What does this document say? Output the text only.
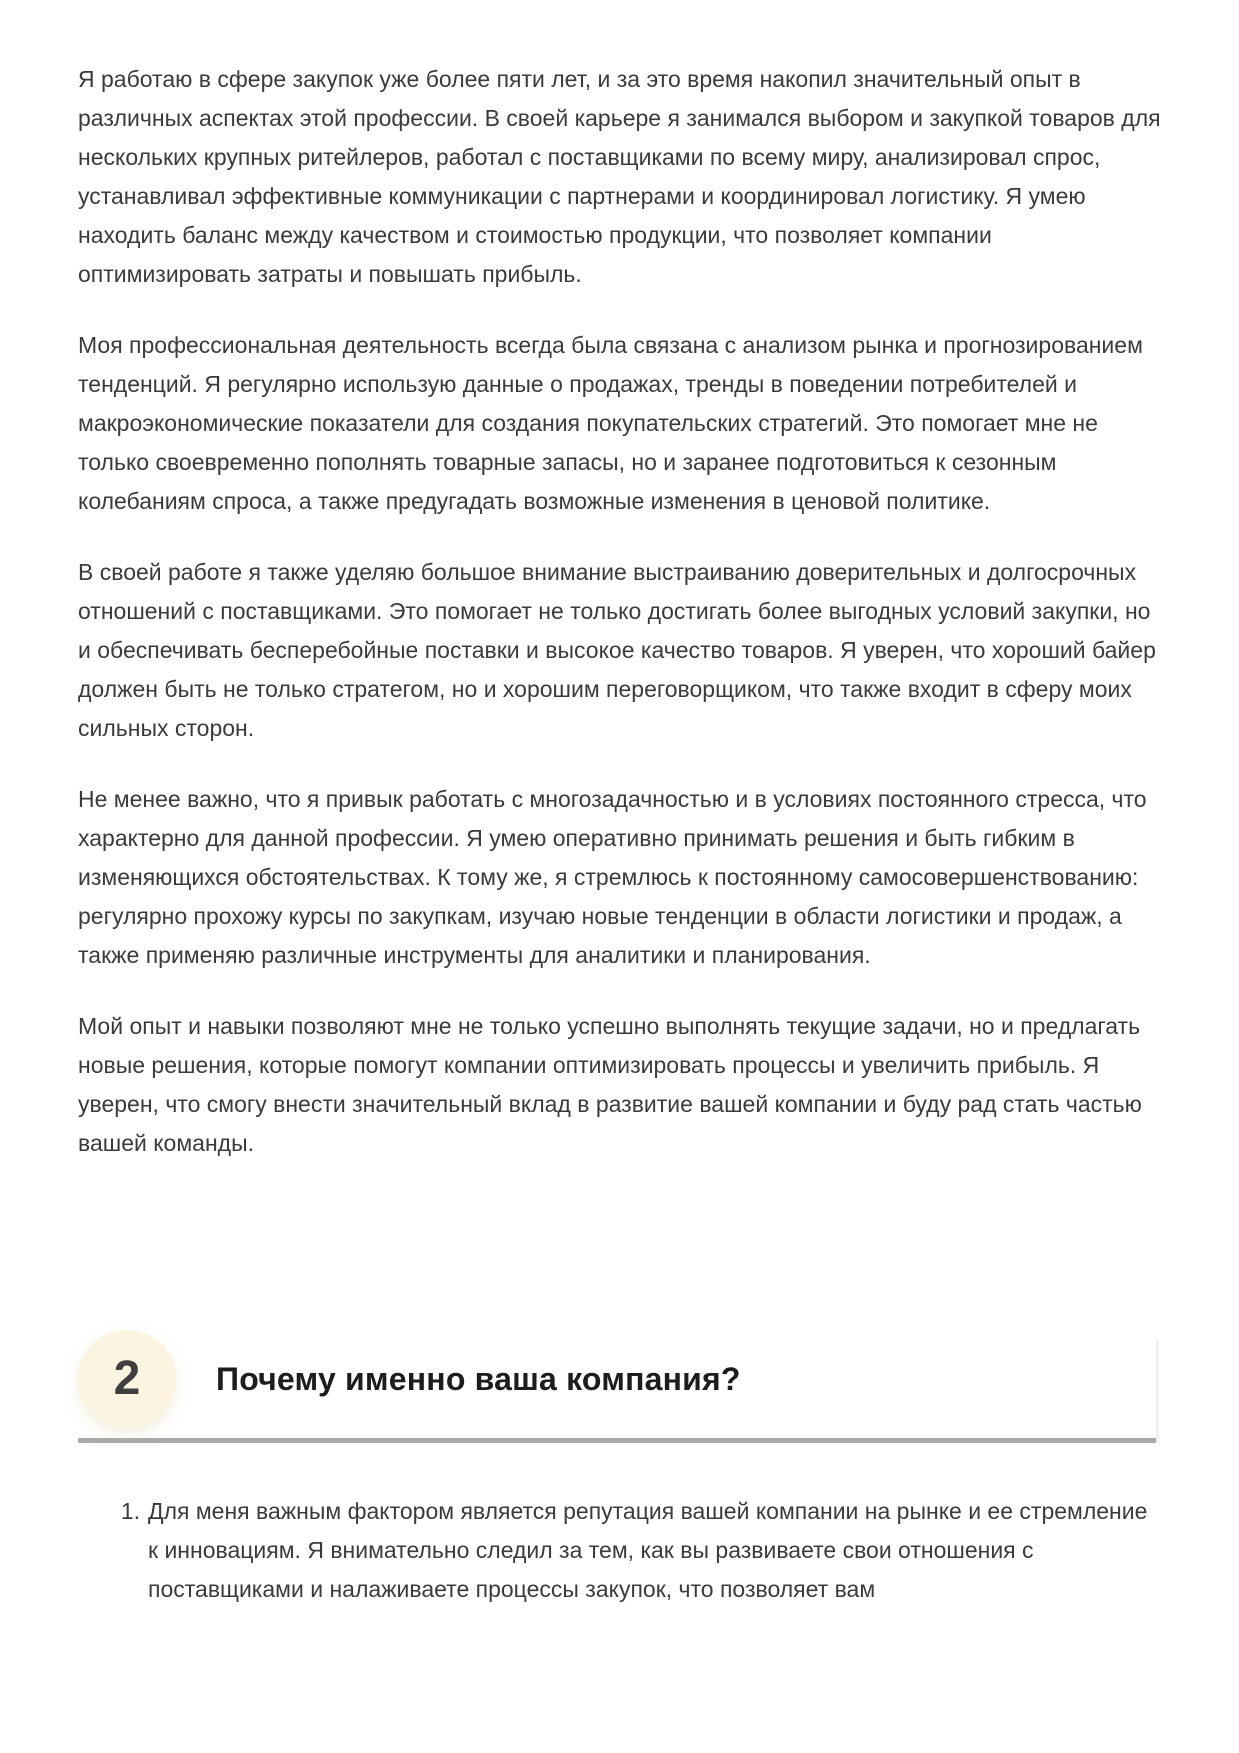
Я работаю в сфере закупок уже более пяти лет, и за это время накопил значительный опыт в различных аспектах этой профессии. В своей карьере я занимался выбором и закупкой товаров для нескольких крупных ритейлеров, работал с поставщиками по всему миру, анализировал спрос, устанавливал эффективные коммуникации с партнерами и координировал логистику. Я умею находить баланс между качеством и стоимостью продукции, что позволяет компании оптимизировать затраты и повышать прибыль.

Моя профессиональная деятельность всегда была связана с анализом рынка и прогнозированием тенденций. Я регулярно использую данные о продажах, тренды в поведении потребителей и макроэкономические показатели для создания покупательских стратегий. Это помогает мне не только своевременно пополнять товарные запасы, но и заранее подготовиться к сезонным колебаниям спроса, а также предугадать возможные изменения в ценовой политике.

В своей работе я также уделяю большое внимание выстраиванию доверительных и долгосрочных отношений с поставщиками. Это помогает не только достигать более выгодных условий закупки, но и обеспечивать бесперебойные поставки и высокое качество товаров. Я уверен, что хороший байер должен быть не только стратегом, но и хорошим переговорщиком, что также входит в сферу моих сильных сторон.

Не менее важно, что я привык работать с многозадачностью и в условиях постоянного стресса, что характерно для данной профессии. Я умею оперативно принимать решения и быть гибким в изменяющихся обстоятельствах. К тому же, я стремлюсь к постоянному самосовершенствованию: регулярно прохожу курсы по закупкам, изучаю новые тенденции в области логистики и продаж, а также применяю различные инструменты для аналитики и планирования.

Мой опыт и навыки позволяют мне не только успешно выполнять текущие задачи, но и предлагать новые решения, которые помогут компании оптимизировать процессы и увеличить прибыль. Я уверен, что смогу внести значительный вклад в развитие вашей компании и буду рад стать частью вашей команды.

2 Почему именно ваша компания?
1. Для меня важным фактором является репутация вашей компании на рынке и ее стремление к инновациям. Я внимательно следил за тем, как вы развиваете свои отношения с поставщиками и налаживаете процессы закупок, что позволяет вам
